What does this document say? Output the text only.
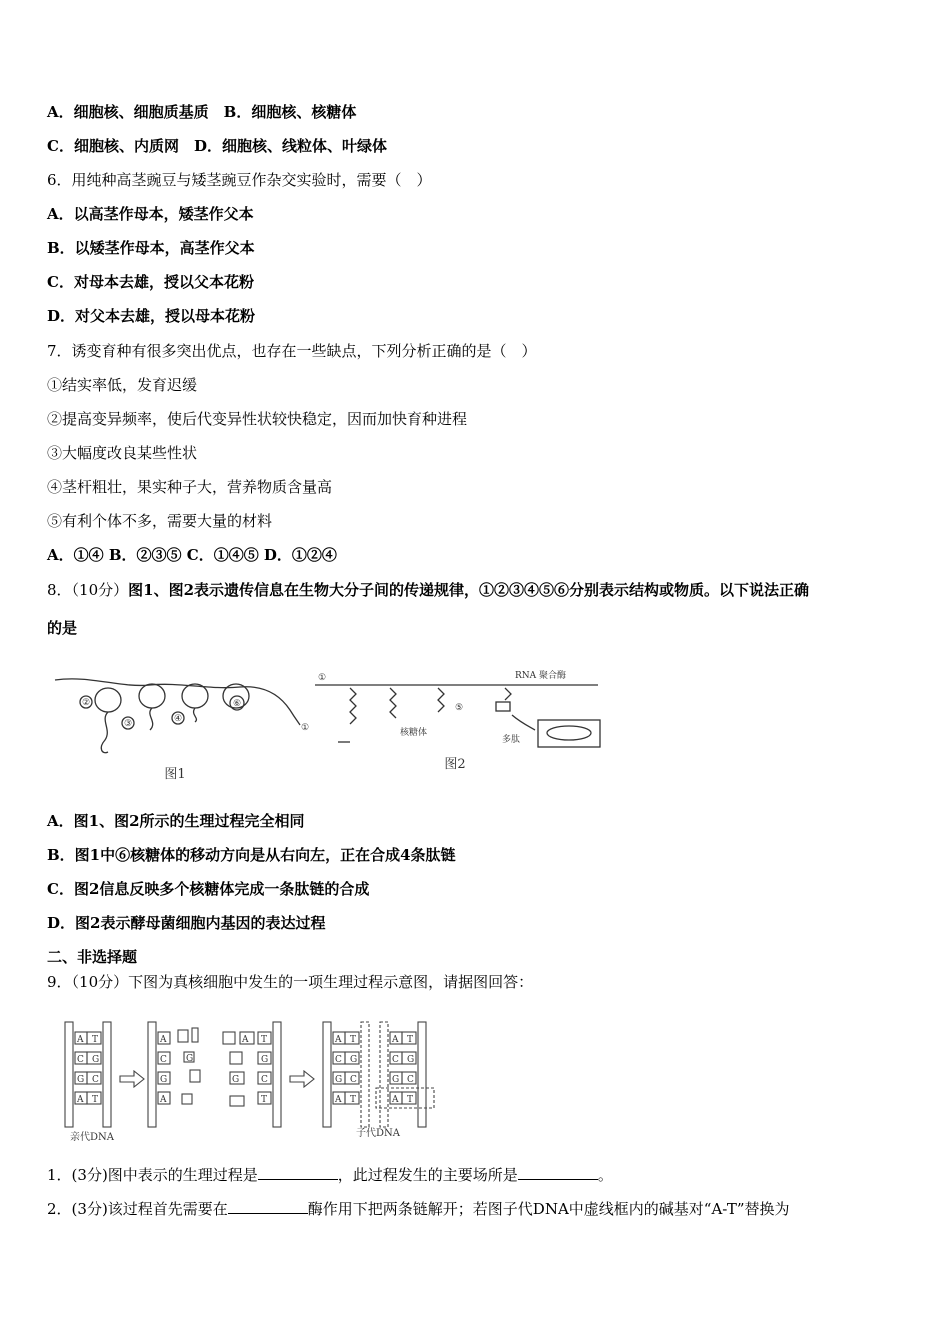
A．细胞核、细胞质基质　B．细胞核、核糖体
C．细胞核、内质网　D．细胞核、线粒体、叶绿体
6．用纯种高茎豌豆与矮茎豌豆作杂交实验时，需要（　）
A．以高茎作母本，矮茎作父本
B．以矮茎作母本，高茎作父本
C．对母本去雄，授以父本花粉
D．对父本去雄，授以母本花粉
7．诱变育种有很多突出优点，也存在一些缺点，下列分析正确的是（　）
①结实率低，发育迟缓
②提高变异频率，使后代变异性状较快稳定，因而加快育种进程
③大幅度改良某些性状
④茎杆粗壮，果实种子大，营养物质含量高
⑤有利个体不多，需要大量的材料
A．①④ B．②③⑤ C．①④⑤ D．①②④
8．（10分）图1、图2表示遗传信息在生物大分子间的传递规律，①②③④⑤⑥分别表示结构或物质。以下说法正确
的是
②
③	④
⑥
①
图1
①
⑤
RNA 聚合酶
核糖体
多肽
图2
A．图1、图2所示的生理过程完全相同
B．图1中⑥核糖体的移动方向是从右向左，正在合成4条肽链
C．图2信息反映多个核糖体完成一条肽链的合成
D．图2表示酵母菌细胞内基因的表达过程
二、非选择题
9．（10分）下图为真核细胞中发生的一项生理过程示意图，请据图回答：
A T
C G
G C
A T
A
C G
G
A
A T
G
G C
T
A T
C G
G C
A T
A T
C G
G C
A T
亲代DNA	子代DNA
1．(3分)图中表示的生理过程是	，此过程发生的主要场所是	。
2．(3分)该过程首先需要在	酶作用下把两条链解开；若图子代DNA中虚线框内的碱基对“A-T”替换为
